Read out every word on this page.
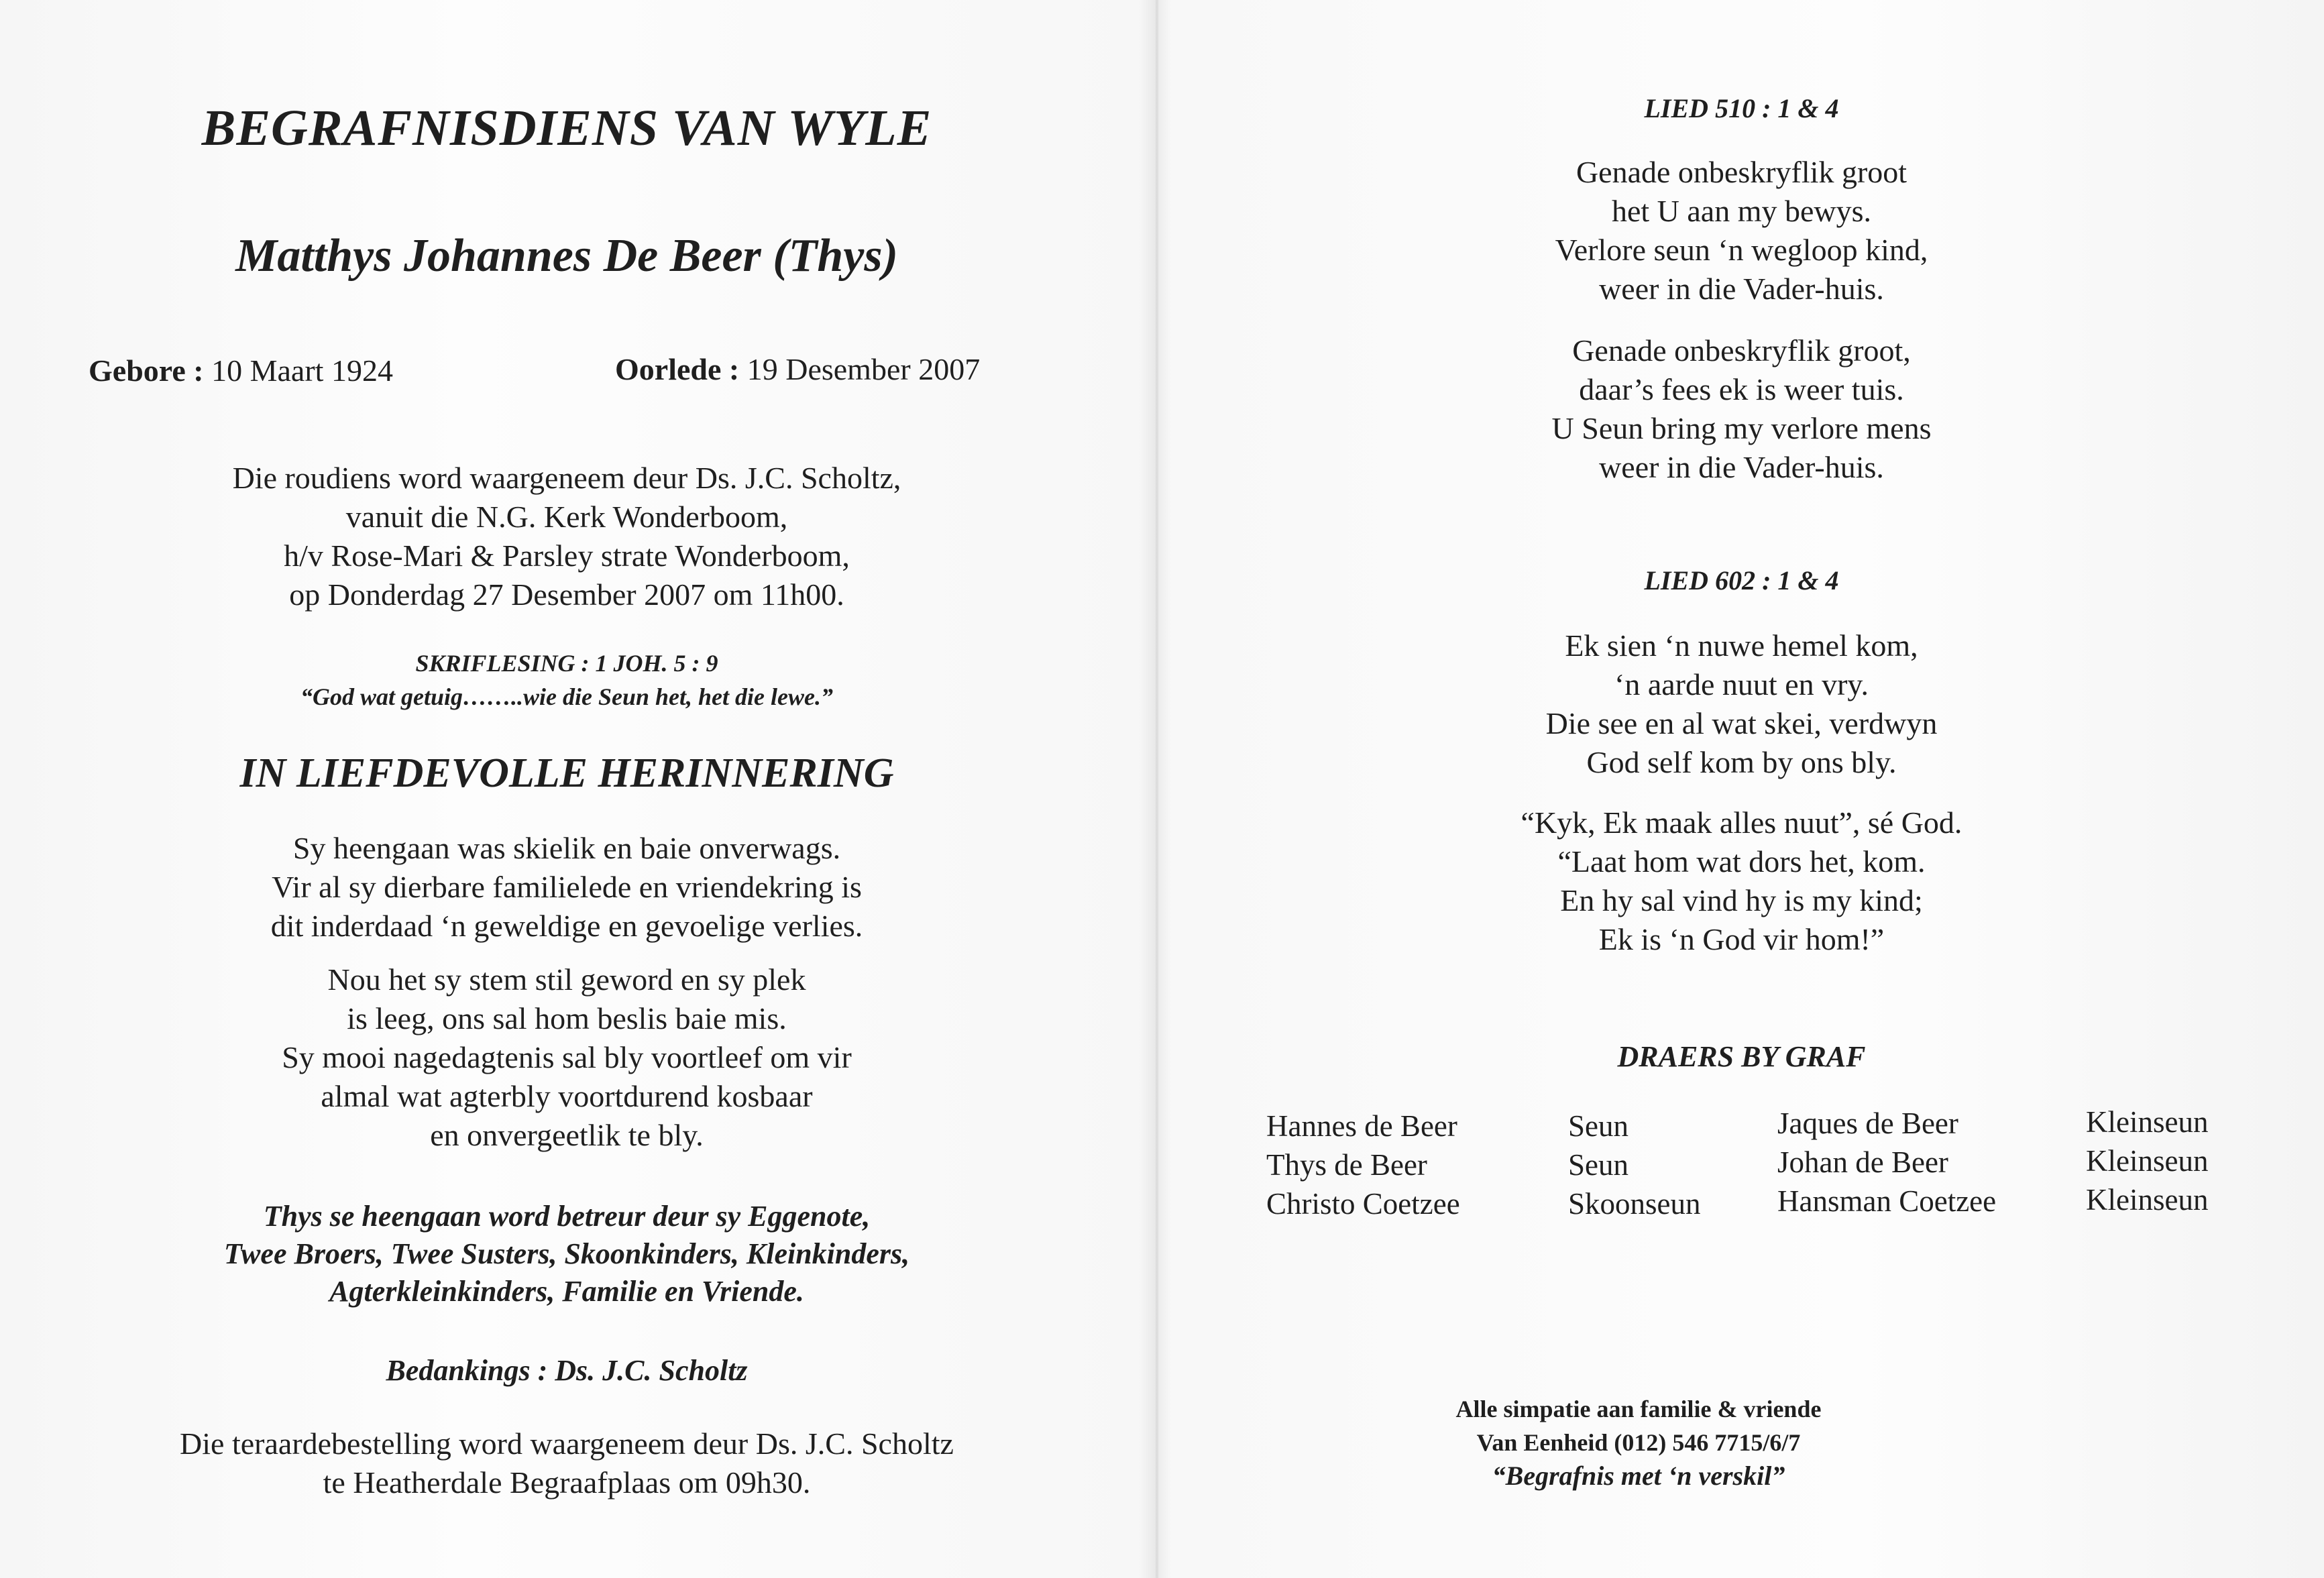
BEGRAFNISDIENS VAN WYLE
Matthys Johannes De Beer (Thys)
Gebore : 10 Maart 1924	Oorlede : 19 Desember 2007
Die roudiens word waargeneem deur Ds. J.C. Scholtz,
vanuit die N.G. Kerk Wonderboom,
h/v Rose-Mari & Parsley strate Wonderboom,
op Donderdag 27 Desember 2007 om 11h00.
SKRIFLESING : 1 JOH. 5 : 9
“God wat getuig……..wie die Seun het, het die lewe.”
IN LIEFDEVOLLE HERINNERING
Sy heengaan was skielik en baie onverwags.
Vir al sy dierbare familielede en vriendekring is
dit inderdaad ‘n geweldige en gevoelige verlies.
Nou het sy stem stil geword en sy plek
is leeg, ons sal hom beslis baie mis.
Sy mooi nagedagtenis sal bly voortleef om vir
almal wat agterbly voortdurend kosbaar
en onvergeetlik te bly.
Thys se heengaan word betreur deur sy Eggenote,
Twee Broers, Twee Susters, Skoonkinders, Kleinkinders,
Agterkleinkinders, Familie en Vriende.
Bedankings : Ds. J.C. Scholtz
Die teraardebestelling word waargeneem deur Ds. J.C. Scholtz
te Heatherdale Begraafplaas om 09h30.
LIED 510 : 1 & 4
Genade onbeskryflik groot
het U aan my bewys.
Verlore seun ‘n wegloop kind,
weer in die Vader-huis.
Genade onbeskryflik groot,
daar’s fees ek is weer tuis.
U Seun bring my verlore mens
weer in die Vader-huis.
LIED 602 : 1 & 4
Ek sien ‘n nuwe hemel kom,
‘n aarde nuut en vry.
Die see en al wat skei, verdwyn
God self kom by ons bly.
“Kyk, Ek maak alles nuut”, sé God.
“Laat hom wat dors het, kom.
En hy sal vind hy is my kind;
Ek is ‘n God vir hom!”
DRAERS BY GRAF
Hannes de Beer
Thys de Beer
Christo Coetzee
Seun
Seun
Skoonseun
Jaques de Beer
Johan de Beer
Hansman Coetzee
Kleinseun
Kleinseun
Kleinseun
Alle simpatie aan familie & vriende
Van Eenheid (012) 546 7715/6/7
“Begrafnis met ‘n verskil”
